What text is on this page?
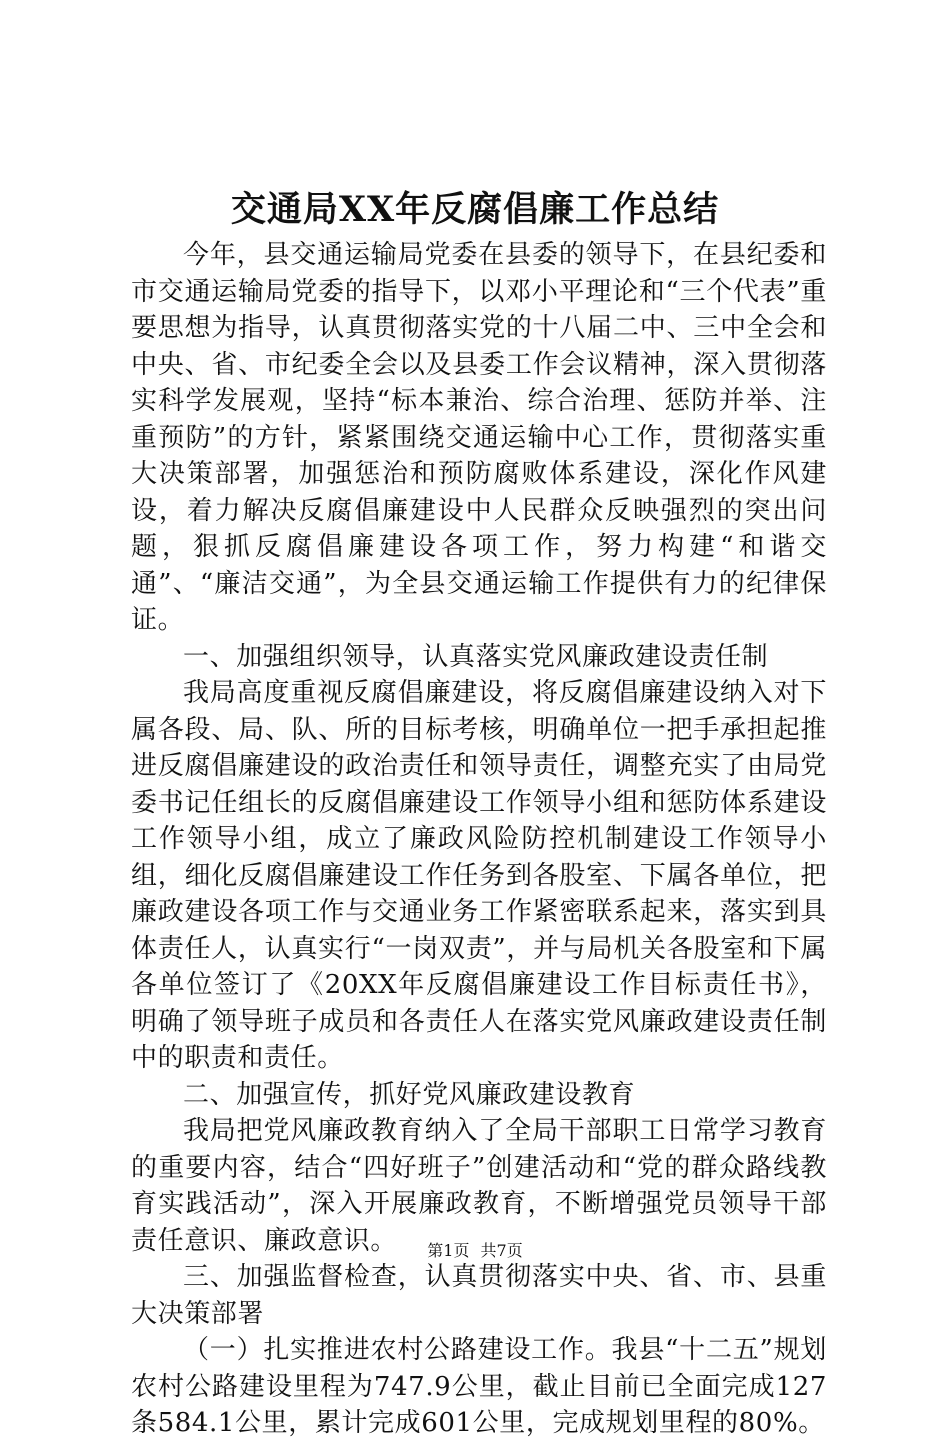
交通局XX年反腐倡廉工作总结

今年，县交通运输局党委在县委的领导下，在县纪委和市交通运输局党委的指导下，以邓小平理论和“三个代表”重要思想为指导，认真贯彻落实党的十八届二中、三中全会和中央、省、市纪委全会以及县委工作会议精神，深入贯彻落实科学发展观，坚持“标本兼治、综合治理、惩防并举、注重预防”的方针，紧紧围绕交通运输中心工作，贯彻落实重大决策部署，加强惩治和预防腐败体系建设，深化作风建设，着力解决反腐倡廉建设中人民群众反映强烈的突出问题，狠抓反腐倡廉建设各项工作，努力构建“和谐交通”、“廉洁交通”，为全县交通运输工作提供有力的纪律保证。

一、加强组织领导，认真落实党风廉政建设责任制

我局高度重视反腐倡廉建设，将反腐倡廉建设纳入对下属各段、局、队、所的目标考核，明确单位一把手承担起推进反腐倡廉建设的政治责任和领导责任，调整充实了由局党委书记任组长的反腐倡廉建设工作领导小组和惩防体系建设工作领导小组，成立了廉政风险防控机制建设工作领导小组，细化反腐倡廉建设工作任务到各股室、下属各单位，把廉政建设各项工作与交通业务工作紧密联系起来，落实到具体责任人，认真实行“一岗双责”，并与局机关各股室和下属各单位签订了《20XX年反腐倡廉建设工作目标责任书》，明确了领导班子成员和各责任人在落实党风廉政建设责任制中的职责和责任。

二、加强宣传，抓好党风廉政建设教育

我局把党风廉政教育纳入了全局干部职工日常学习教育的重要内容，结合“四好班子”创建活动和“党的群众路线教育实践活动”，深入开展廉政教育，不断增强党员领导干部责任意识、廉政意识。

三、加强监督检查，认真贯彻落实中央、省、市、县重大决策部署

（一）扎实推进农村公路建设工作。我县“十二五”规划农村公路建设里程为747.9公里，截止目前已全面完成127条584.1公里，累计完成601公里，完成规划里程的80%。

第1页 共7页
